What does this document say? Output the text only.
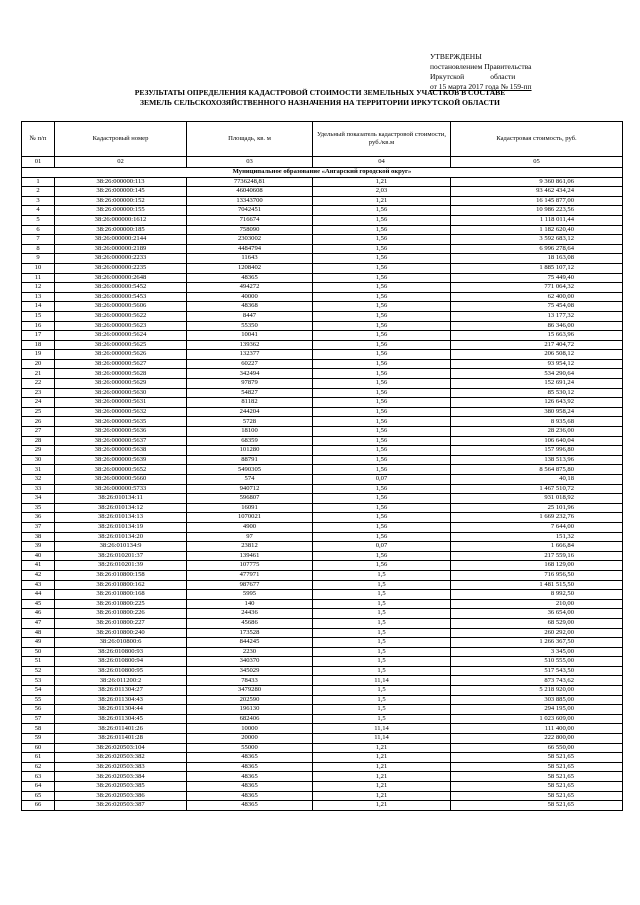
УТВЕРЖДЕНЫ
постановлением Правительства
Иркутской	области
от 15 марта 2017 года № 159-пп
РЕЗУЛЬТАТЫ ОПРЕДЕЛЕНИЯ КАДАСТРОВОЙ СТОИМОСТИ ЗЕМЕЛЬНЫХ УЧАСТКОВ В СОСТАВЕ
ЗЕМЕЛЬ СЕЛЬСКОХОЗЯЙСТВЕННОГО НАЗНАЧЕНИЯ НА ТЕРРИТОРИИ ИРКУТСКОЙ ОБЛАСТИ
№ п/п	Кадастровый номер	Площадь, кв. м	Удельный показатель кадастровой стоимости, руб./кв.м	Кадастровая стоимость, руб.
01	02	03	04	05
Муниципальное образование «Ангарский городской округ»				
1	38:26:000000:113	7736248,81	1,21	9 360 861,06
2	38:26:000000:145	46040608	2,03	93 462 434,24
3	38:26:000000:152	13343700	1,21	16 145 877,00
4	38:26:000000:155	7042451	1,56	10 986 223,56
5	38:26:000000:1612	716674	1,56	1 118 011,44
6	38:26:000000:185	758090	1,56	1 182 620,40
7	38:26:000000:2144	2303002	1,56	3 592 683,12
8	38:26:000000:2189	4484794	1,56	6 996 278,64
9	38:26:000000:2233	11643	1,56	18 163,08
10	38:26:000000:2235	1208402	1,56	1 885 107,12
11	38:26:000000:2648	48365	1,56	75 449,40
12	38:26:000000:5452	494272	1,56	771 064,32
13	38:26:000000:5453	40000	1,56	62 400,00
14	38:26:000000:5606	48368	1,56	75 454,08
15	38:26:000000:5622	8447	1,56	13 177,32
16	38:26:000000:5623	55350	1,56	86 346,00
17	38:26:000000:5624	10041	1,56	15 663,96
18	38:26:000000:5625	139362	1,56	217 404,72
19	38:26:000000:5626	132377	1,56	206 508,12
20	38:26:000000:5627	60227	1,56	93 954,12
21	38:26:000000:5628	342494	1,56	534 290,64
22	38:26:000000:5629	97879	1,56	152 691,24
23	38:26:000000:5630	54827	1,56	85 530,12
24	38:26:000000:5631	81182	1,56	126 643,92
25	38:26:000000:5632	244204	1,56	380 958,24
26	38:26:000000:5635	5728	1,56	8 935,68
27	38:26:000000:5636	18100	1,56	28 236,00
28	38:26:000000:5637	68359	1,56	106 640,04
29	38:26:000000:5638	101280	1,56	157 996,80
30	38:26:000000:5639	88791	1,56	138 513,96
31	38:26:000000:5652	5490305	1,56	8 564 875,80
32	38:26:000000:5660	574	0,07	40,18
33	38:26:000000:5733	940712	1,56	1 467 510,72
34	38:26:010134:11	596807	1,56	931 018,92
35	38:26:010134:12	16091	1,56	25 101,96
36	38:26:010134:13	1070021	1,56	1 669 232,76
37	38:26:010134:19	4900	1,56	7 644,00
38	38:26:010134:20	97	1,56	151,32
39	38:26:010134:9	23812	0,07	1 666,84
40	38:26:010201:37	139461	1,56	217 559,16
41	38:26:010201:39	107775	1,56	168 129,00
42	38:26:010800:158	477971	1,5	716 956,50
43	38:26:010800:162	987677	1,5	1 481 515,50
44	38:26:010800:168	5995	1,5	8 992,50
45	38:26:010800:225	140	1,5	210,00
46	38:26:010800:226	24436	1,5	36 654,00
47	38:26:010800:227	45686	1,5	68 529,00
48	38:26:010800:240	173528	1,5	260 292,00
49	38:26:010800:6	844245	1,5	1 266 367,50
50	38:26:010800:93	2230	1,5	3 345,00
51	38:26:010800:94	340370	1,5	510 555,00
52	38:26:010800:95	345029	1,5	517 543,50
53	38:26:011200:2	78433	11,14	873 743,62
54	38:26:011304:27	3479280	1,5	5 218 920,00
55	38:26:011304:43	202590	1,5	303 885,00
56	38:26:011304:44	196130	1,5	294 195,00
57	38:26:011304:45	682406	1,5	1 023 609,00
58	38:26:011401:26	10000	11,14	111 400,00
59	38:26:011401:28	20000	11,14	222 800,00
60	38:26:020503:104	55000	1,21	66 550,00
61	38:26:020503:382	48365	1,21	58 521,65
62	38:26:020503:383	48365	1,21	58 521,65
63	38:26:020503:384	48365	1,21	58 521,65
64	38:26:020503:385	48365	1,21	58 521,65
65	38:26:020503:386	48365	1,21	58 521,65
66	38:26:020503:387	48365	1,21	58 521,65
